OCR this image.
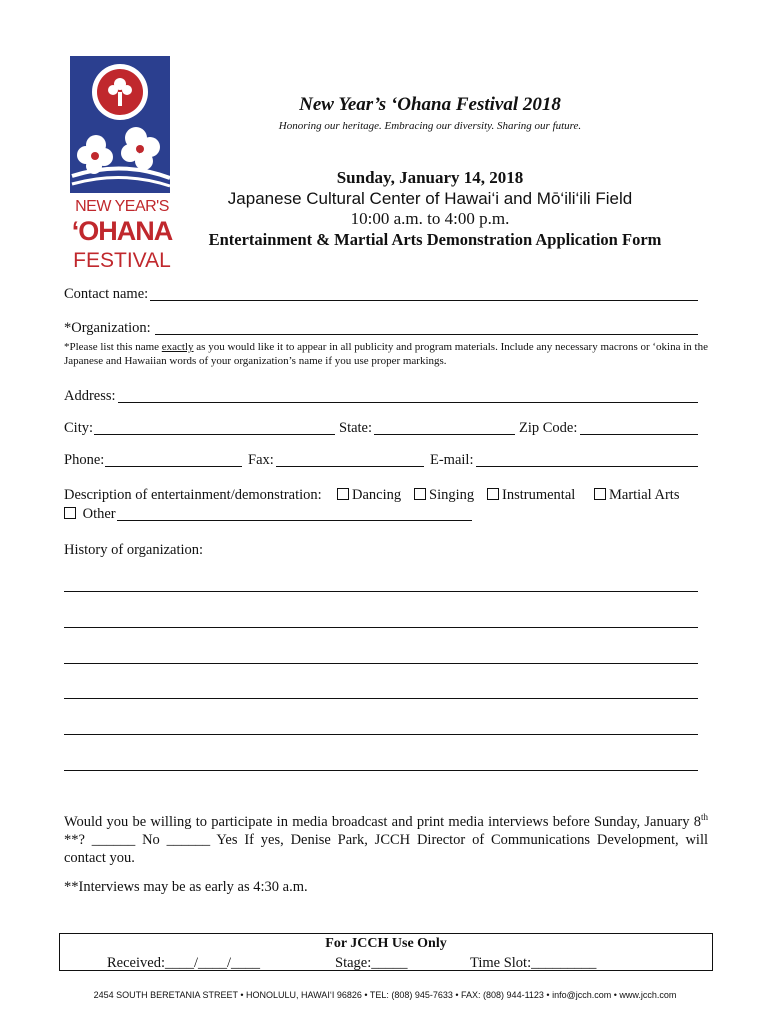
NEW YEAR'S
‘OHANA
FESTIVAL
New Year’s ‘Ohana Festival 2018
Honoring our heritage. Embracing our diversity. Sharing our future.
Sunday, January 14, 2018
Japanese Cultural Center of Hawai‘i and Mō‘ili‘ili Field
10:00 a.m. to 4:00 p.m.
Entertainment & Martial Arts Demonstration Application Form
Contact name:
*Organization:
*Please list this name exactly as you would like it to appear in all publicity and program materials. Include any necessary macrons or ‘okina in the Japanese and Hawaiian words of your organization’s name if you use proper markings.
Address:
City:	State:	Zip Code:
Phone:	Fax:	E-mail:
Description of entertainment/demonstration:	Dancing	Singing	Instrumental	Martial Arts
Other
History of organization:
Would you be willing to participate in media broadcast and print media interviews before Sunday, January 8th **? ______ No ______ Yes If yes, Denise Park, JCCH Director of Communications Development, will contact you.
**Interviews may be as early as 4:30 a.m.
For JCCH Use Only
Received:____/____/____	Stage:_____	Time Slot:_________
2454 SOUTH BERETANIA STREET • HONOLULU, HAWAI‘I 96826 • TEL: (808) 945-7633 • FAX: (808) 944-1123 • info@jcch.com • www.jcch.com
